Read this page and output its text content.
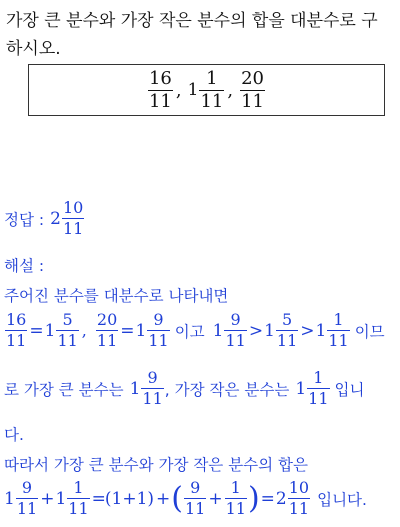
가장 큰 분수와 가장 작은 분수의 합을 대분수로 구
하시오.
$\frac{16}{11}$ , $1 \frac{1}{11}$ , $\frac{20}{11}$
정답 : $2 \frac{10}{11}$
해설 :
주어진 분수를 대분수로 나타내면
$\frac{16}{11} = 1 \frac{5}{11}$ , $\frac{20}{11} = 1 \frac{9}{11}$ 이고 $1 \frac{9}{11} > 1 \frac{5}{11} > 1 \frac{1}{11}$ 이므
로 가장 큰 분수는 $1 \frac{9}{11}$ , 가장 작은 분수는 $1 \frac{1}{11}$ 입니
다.
따라서 가장 큰 분수와 가장 작은 분수의 합은
$1 \frac{9}{11} + 1 \frac{1}{11} = (1+1)$ + ( $\frac{9}{11} + \frac{1}{11}$ ) = $2 \frac{10}{11}$ 입니다.
